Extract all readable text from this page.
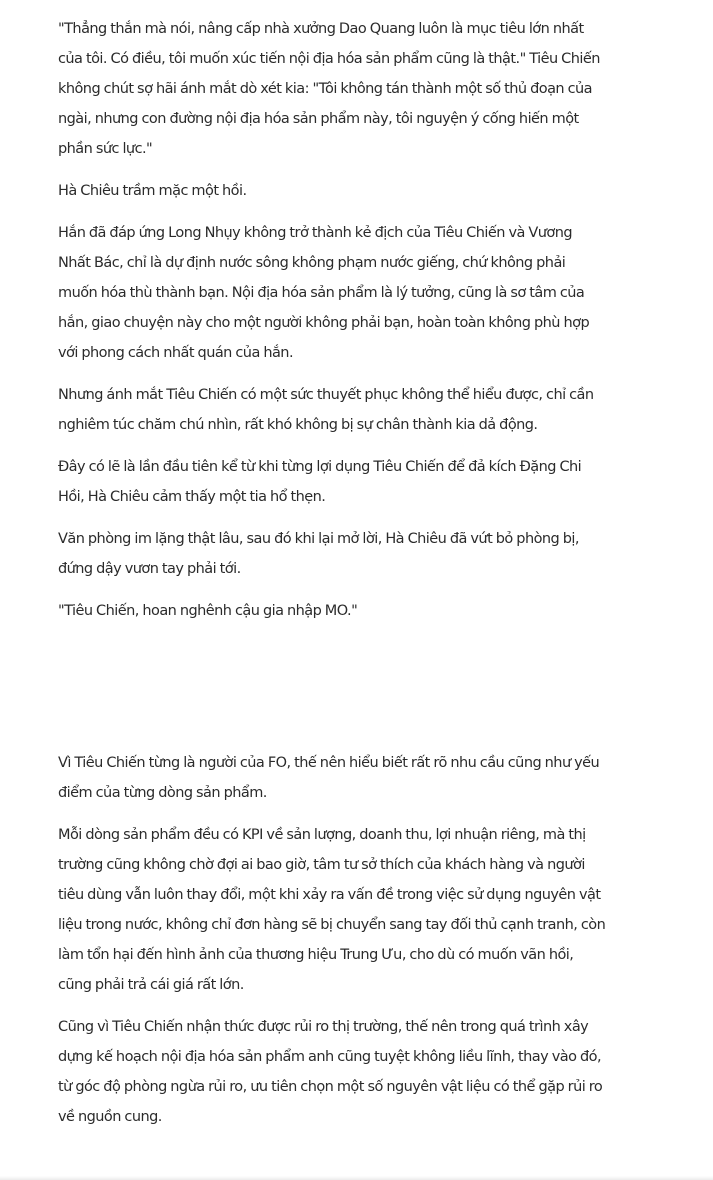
"Thẳng thắn mà nói, nâng cấp nhà xưởng Dao Quang luôn là mục tiêu lớn nhất của tôi. Có điều, tôi muốn xúc tiến nội địa hóa sản phẩm cũng là thật." Tiêu Chiến không chút sợ hãi ánh mắt dò xét kia: "Tôi không tán thành một số thủ đoạn của ngài, nhưng con đường nội địa hóa sản phẩm này, tôi nguyện ý cống hiến một phần sức lực."

Hà Chiêu trầm mặc một hồi.

Hắn đã đáp ứng Long Nhụy không trở thành kẻ địch của Tiêu Chiến và Vương Nhất Bác, chỉ là dự định nước sông không phạm nước giếng, chứ không phải muốn hóa thù thành bạn. Nội địa hóa sản phẩm là lý tưởng, cũng là sơ tâm của hắn, giao chuyện này cho một người không phải bạn, hoàn toàn không phù hợp với phong cách nhất quán của hắn.

Nhưng ánh mắt Tiêu Chiến có một sức thuyết phục không thể hiểu được, chỉ cần nghiêm túc chăm chú nhìn, rất khó không bị sự chân thành kia dả động.

Đây có lẽ là lần đầu tiên kể từ khi từng lợi dụng Tiêu Chiến để đả kích Đặng Chi Hồi, Hà Chiêu cảm thấy một tia hổ thẹn.

Văn phòng im lặng thật lâu, sau đó khi lại mở lời, Hà Chiêu đã vứt bỏ phòng bị, đứng dậy vươn tay phải tới.

"Tiêu Chiến, hoan nghênh cậu gia nhập MO."

Vì Tiêu Chiến từng là người của FO, thế nên hiểu biết rất rõ nhu cầu cũng như yếu điểm của từng dòng sản phẩm.

Mỗi dòng sản phẩm đều có KPI về sản lượng, doanh thu, lợi nhuận riêng, mà thị trường cũng không chờ đợi ai bao giờ, tâm tư sở thích của khách hàng và người tiêu dùng vẫn luôn thay đổi, một khi xảy ra vấn đề trong việc sử dụng nguyên vật liệu trong nước, không chỉ đơn hàng sẽ bị chuyển sang tay đối thủ cạnh tranh, còn làm tổn hại đến hình ảnh của thương hiệu Trung Ưu, cho dù có muốn vãn hồi, cũng phải trả cái giá rất lớn.

Cũng vì Tiêu Chiến nhận thức được rủi ro thị trường, thế nên trong quá trình xây dựng kế hoạch nội địa hóa sản phẩm anh cũng tuyệt không liều lĩnh, thay vào đó, từ góc độ phòng ngừa rủi ro, ưu tiên chọn một số nguyên vật liệu có thể gặp rủi ro về nguồn cung.
